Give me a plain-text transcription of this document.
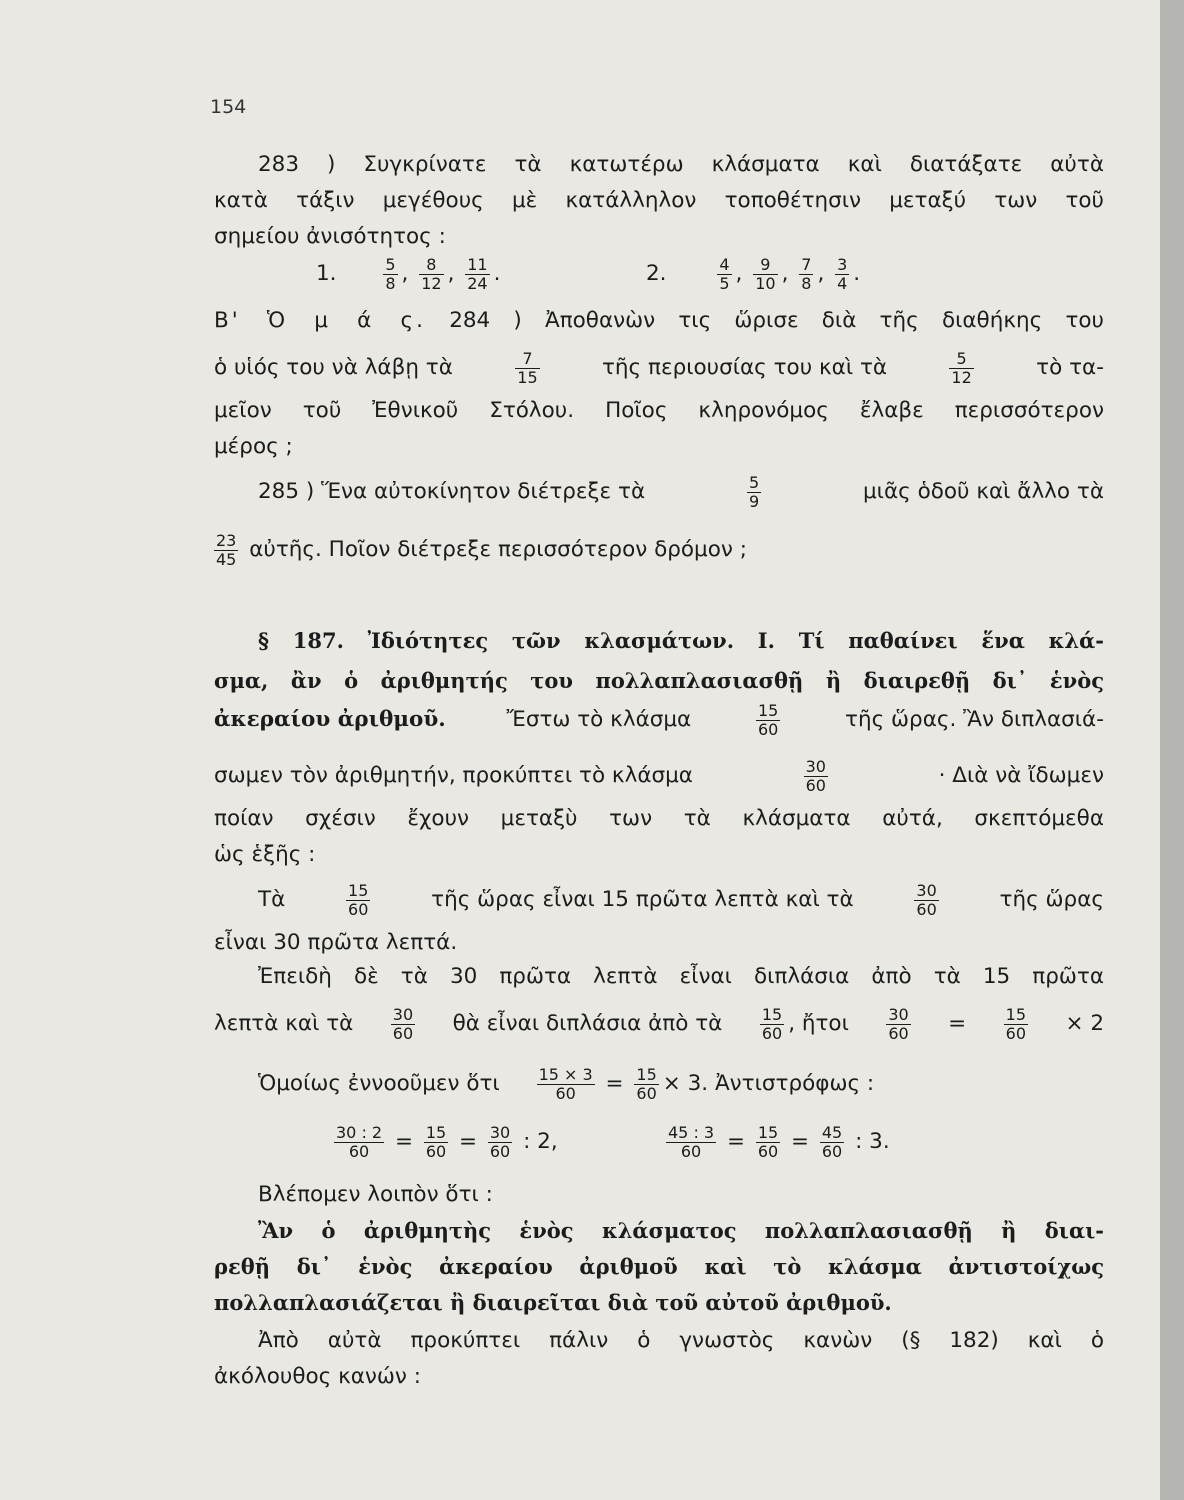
154
283 ) Συγκρίνατε τὰ κατωτέρω κλάσματα καὶ διατάξατε αὐτὰ
κατὰ τάξιν μεγέθους μὲ κατάλληλον τοποθέτησιν μεταξύ των τοῦ
σημείου ἀνισότητος :
1.	$\frac{5}{8}$ , $\frac{8}{12}$ , $\frac{11}{24}$ .	2.	$\frac{4}{5}$ , $\frac{9}{10}$ , $\frac{7}{8}$ , $\frac{3}{4}$ .
Β' Ὁ μ ά ς. 284 ) Ἀποθανὼν τις ὥρισε διὰ τῆς διαθήκης του
ὁ υἱός του νὰ λάβῃ τὰ	$\frac{7}{15}$	τῆς περιουσίας του καὶ τὰ	$\frac{5}{12}$	τὸ τα-
μεῖον τοῦ Ἐθνικοῦ Στόλου. Ποῖος κληρονόμος ἔλαβε περισσότερον
μέρος ;
285 ) Ἕνα αὐτοκίνητον διέτρεξε τὰ	$\frac{5}{9}$	μιᾶς ὁδοῦ καὶ ἄλλο τὰ
$\frac{23}{45}$ αὐτῆς. Ποῖον διέτρεξε περισσότερον δρόμον ;
§ 187. Ἰδιότητες τῶν κλασμάτων. Ι. Τί παθαίνει ἕνα κλά-
σμα, ἂν ὁ ἀριθμητής του πολλαπλασιασθῇ ἢ διαιρεθῇ δι᾽ ἑνὸς
ἀκεραίου ἀριθμοῦ.	Ἔστω τὸ κλάσμα	$\frac{15}{60}$	τῆς ὥρας. Ἂν διπλασιά-
σωμεν τὸν ἀριθμητήν, προκύπτει τὸ κλάσμα	$\frac{30}{60}$	· Διὰ νὰ ἴδωμεν
ποίαν σχέσιν ἔχουν μεταξὺ των τὰ κλάσματα αὐτά, σκεπτόμεθα
ὡς ἑξῆς :
Τὰ	$\frac{15}{60}$	τῆς ὥρας εἶναι 15 πρῶτα λεπτὰ καὶ τὰ	$\frac{30}{60}$	τῆς ὥρας
εἶναι 30 πρῶτα λεπτά.
Ἐπειδὴ δὲ τὰ 30 πρῶτα λεπτὰ εἶναι διπλάσια ἀπὸ τὰ 15 πρῶτα
λεπτὰ καὶ τὰ $\frac{30}{60}$ θὰ εἶναι διπλάσια ἀπὸ τὰ $\frac{15}{60}$ , ἤτοι $\frac{30}{60} = \frac{15}{60} \times 2$
Ὁμοίως ἐννοοῦμεν ὅτι $\frac{15 \times 3}{60} = \frac{15}{60} \times 3$. Ἀντιστρόφως :
$\frac{30 : 2}{60} = \frac{15}{60} = \frac{30}{60}$ : 2,	$\frac{45 : 3}{60} = \frac{15}{60} = \frac{45}{60}$ : 3.
Βλέπομεν λοιπὸν ὅτι :
Ἂν ὁ ἀριθμητὴς ἑνὸς κλάσματος πολλαπλασιασθῇ ἢ διαι-
ρεθῇ δι᾽ ἑνὸς ἀκεραίου ἀριθμοῦ καὶ τὸ κλάσμα ἀντιστοίχως
πολλαπλασιάζεται ἢ διαιρεῖται διὰ τοῦ αὐτοῦ ἀριθμοῦ.
Ἀπὸ αὐτὰ προκύπτει πάλιν ὁ γνωστὸς κανὼν (§ 182) καὶ ὁ
ἀκόλουθος κανών :
